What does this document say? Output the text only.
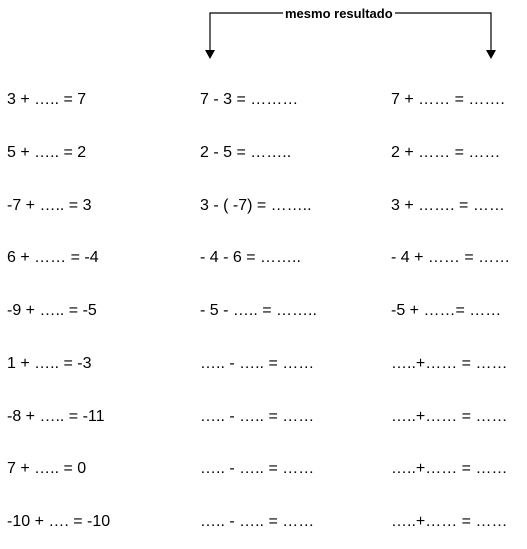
mesmo resultado
3 + ….. = 7	7 - 3 = ………	7 + …… = …….
5 + ….. = 2	2 - 5 = ……..	2 + …… = ……
-7 + ….. = 3	3 - ( -7) = ……..	3 + ……. = ……
6 + …… = -4	- 4 - 6 = ……..	- 4 + …… = ……
-9 + ….. = -5	- 5 - ….. = ……..	-5 + ……= ……
1 + ….. = -3	….. - ….. = ……	…..+…… = ……
-8 + ….. = -11	….. - ….. = ……	…..+…… = ……
7 + ….. = 0	….. - ….. = ……	…..+…… = ……
-10 + …. = -10	….. - ….. = ……	…..+…… = ……
